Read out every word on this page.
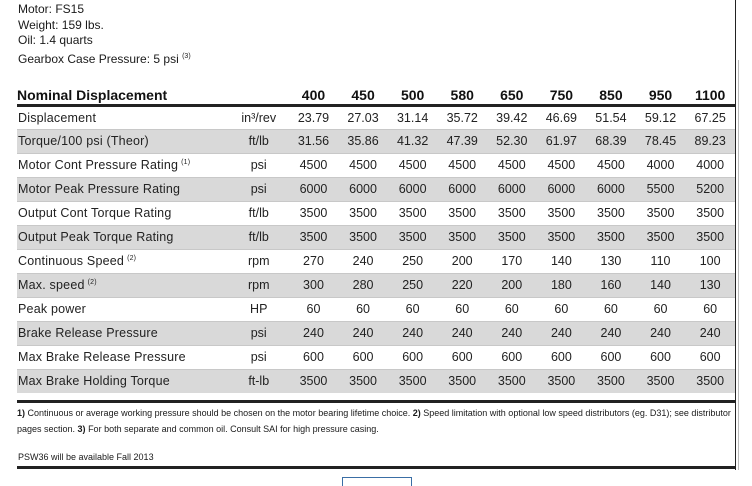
Motor: FS15
Weight: 159 lbs.
Oil: 1.4 quarts
Gearbox Case Pressure: 5 psi $^{(3)}$
Nominal Displacement		400	450	500	580	650	750	850	950	1100
Displacement	in³/rev	23.79	27.03	31.14	35.72	39.42	46.69	51.54	59.12	67.25
Torque/100 psi (Theor)	ft/lb	31.56	35.86	41.32	47.39	52.30	61.97	68.39	78.45	89.23
Motor Cont Pressure Rating $^{(1)}$	psi	4500	4500	4500	4500	4500	4500	4500	4000	4000
Motor Peak Pressure Rating	psi	6000	6000	6000	6000	6000	6000	6000	5500	5200
Output Cont Torque Rating	ft/lb	3500	3500	3500	3500	3500	3500	3500	3500	3500
Output Peak Torque Rating	ft/lb	3500	3500	3500	3500	3500	3500	3500	3500	3500
Continuous Speed $^{(2)}$	rpm	270	240	250	200	170	140	130	110	100
Max. speed $^{(2)}$	rpm	300	280	250	220	200	180	160	140	130
Peak power	HP	60	60	60	60	60	60	60	60	60
Brake Release Pressure	psi	240	240	240	240	240	240	240	240	240
Max Brake Release Pressure	psi	600	600	600	600	600	600	600	600	600
Max Brake Holding Torque	ft-lb	3500	3500	3500	3500	3500	3500	3500	3500	3500
1) Continuous or average working pressure should be chosen on the motor bearing lifetime choice. 2) Speed limitation with optional low speed distributors (eg. D31); see distributor pages section. 3) For both separate and common oil. Consult SAI for high pressure casing.
PSW36 will be available Fall 2013
